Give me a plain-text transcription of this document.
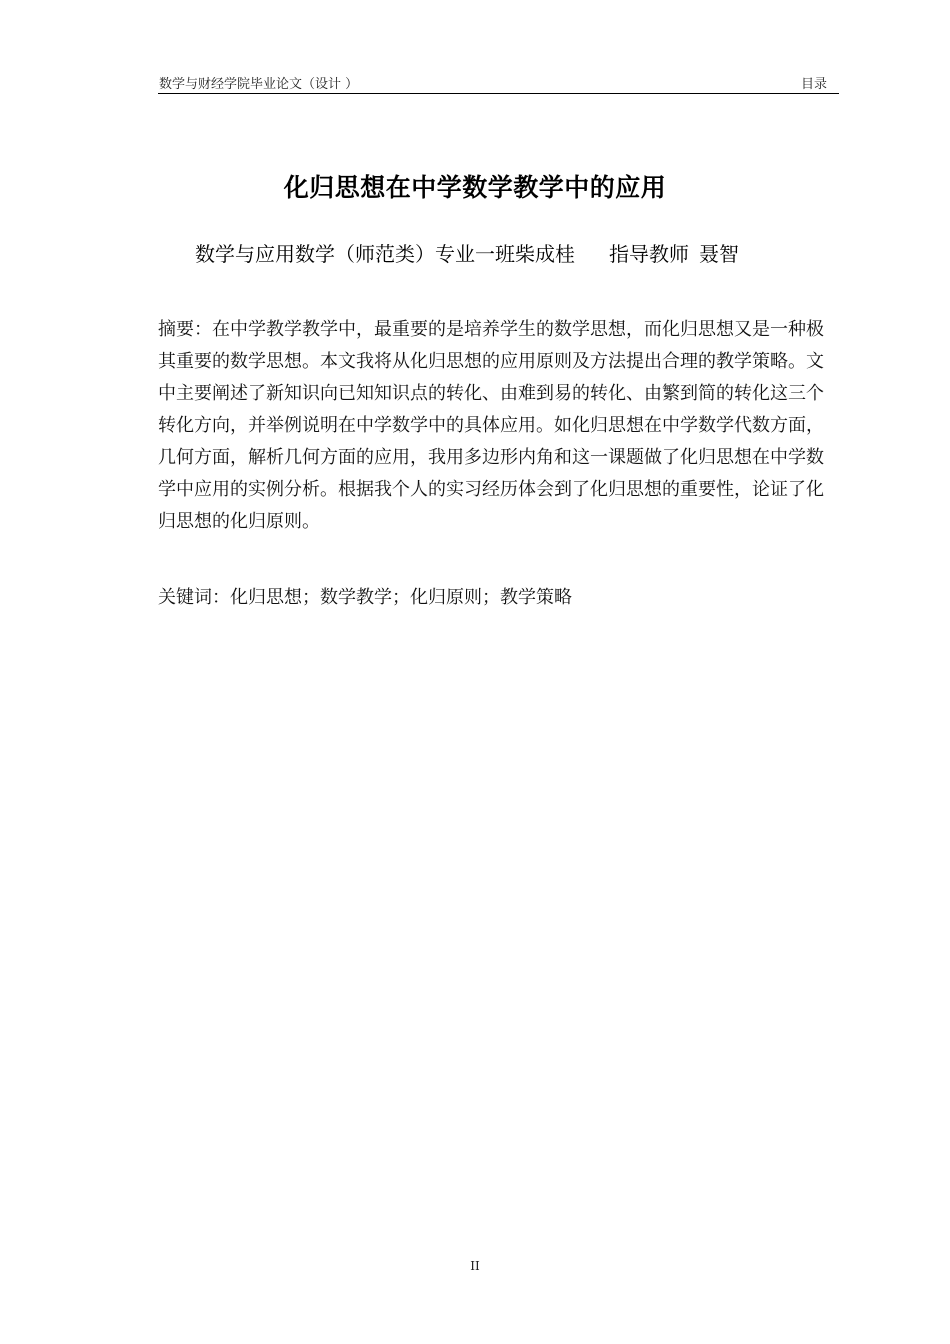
数学与财经学院毕业论文（设计 ）	目录
化归思想在中学数学教学中的应用
数学与应用数学（师范类）专业一班柴成桂 指导教师 聂智
摘要：在中学教学教学中，最重要的是培养学生的数学思想，而化归思想又是一种极其重要的数学思想。本文我将从化归思想的应用原则及方法提出合理的教学策略。文中主要阐述了新知识向已知知识点的转化、由难到易的转化、由繁到简的转化这三个转化方向，并举例说明在中学数学中的具体应用。如化归思想在中学数学代数方面，几何方面，解析几何方面的应用，我用多边形内角和这一课题做了化归思想在中学数学中应用的实例分析。根据我个人的实习经历体会到了化归思想的重要性，论证了化归思想的化归原则。
关键词：化归思想；数学教学；化归原则；教学策略
II
